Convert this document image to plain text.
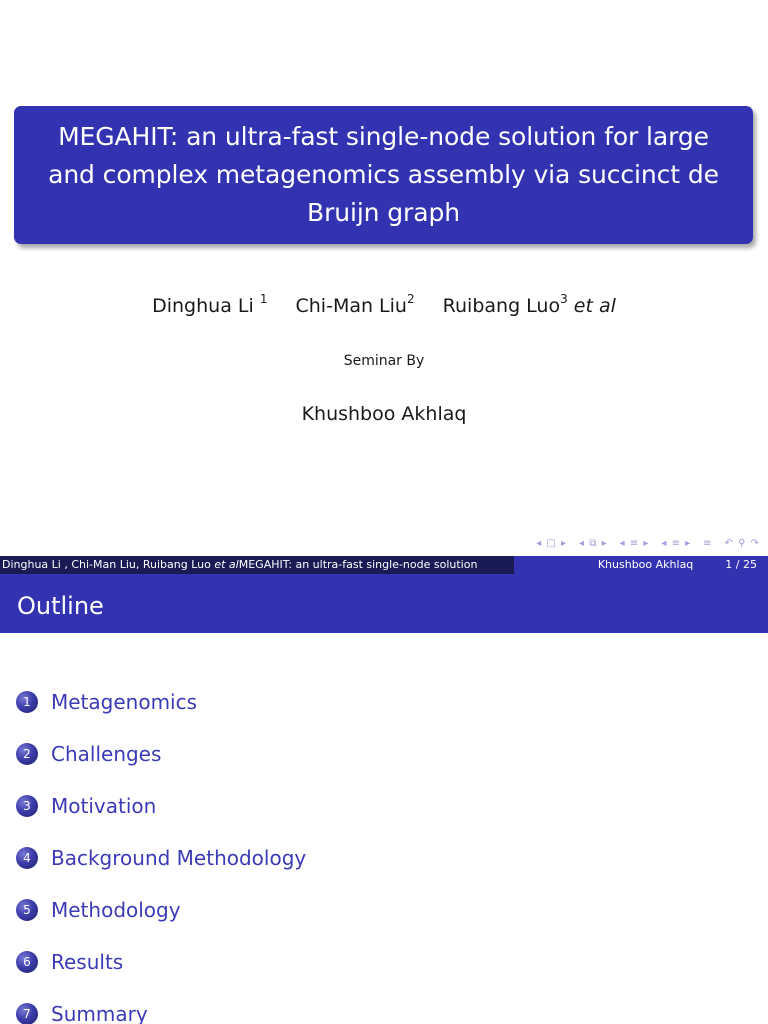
MEGAHIT: an ultra-fast single-node solution for large and complex metagenomics assembly via succinct de Bruijn graph
Dinghua Li $^1$ Chi-Man Liu$^2$ Ruibang Luo$^3$ et al
Seminar By
Khushboo Akhlaq
◂ □ ▸ ◂ ⧉ ▸ ◂ ≡ ▸ ◂ ≡ ▸ ≡ ↶ ⚲ ↷
Dinghua Li , Chi-Man Liu, Ruibang Luo et alMEGAHIT: an ultra-fast single-node solution	Khushboo Akhlaq	1 / 25
Outline
1	Metagenomics
2	Challenges
3	Motivation
4	Background Methodology
5	Methodology
6	Results
7	Summary
